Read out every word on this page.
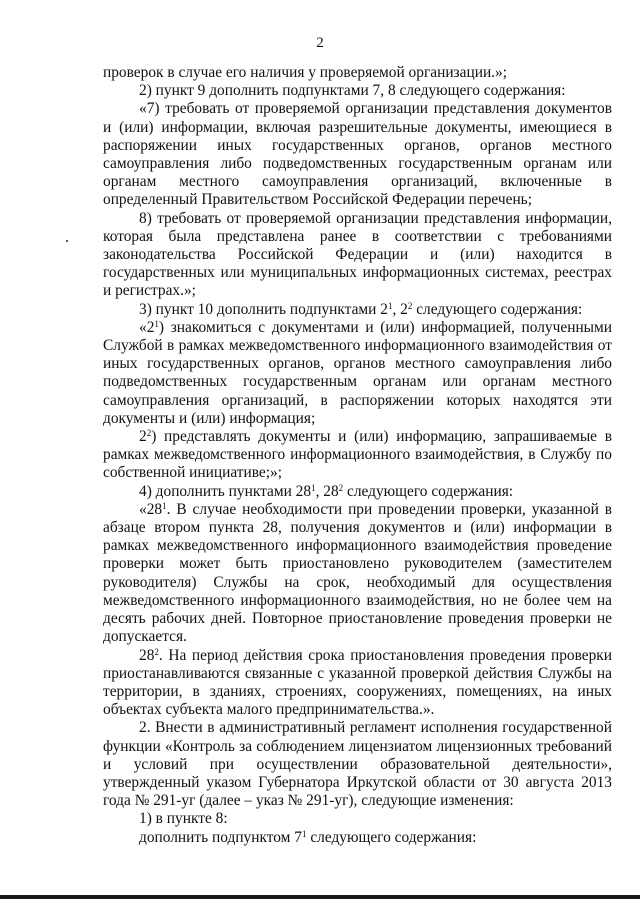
2

проверок в случае его наличия у проверяемой организации.»;

2) пункт 9 дополнить подпунктами 7, 8 следующего содержания:

«7) требовать от проверяемой организации представления документов и (или) информации, включая разрешительные документы, имеющиеся в распоряжении иных государственных органов, органов местного самоуправления либо подведомственных государственным органам или органам местного самоуправления организаций, включенные в определенный Правительством Российской Федерации перечень;

8) требовать от проверяемой организации представления информации, которая была представлена ранее в соответствии с требованиями законодательства Российской Федерации и (или) находится в государственных или муниципальных информационных системах, реестрах и регистрах.»;

3) пункт 10 дополнить подпунктами $2^1$, $2^2$ следующего содержания:

«$2^1$) знакомиться с документами и (или) информацией, полученными Службой в рамках межведомственного информационного взаимодействия от иных государственных органов, органов местного самоуправления либо подведомственных государственным органам или органам местного самоуправления организаций, в распоряжении которых находятся эти документы и (или) информация;

$2^2$) представлять документы и (или) информацию, запрашиваемые в рамках межведомственного информационного взаимодействия, в Службу по собственной инициативе;»;

4) дополнить пунктами $28^1$, $28^2$ следующего содержания:

«$28^1$. В случае необходимости при проведении проверки, указанной в абзаце втором пункта 28, получения документов и (или) информации в рамках межведомственного информационного взаимодействия проведение проверки может быть приостановлено руководителем (заместителем руководителя) Службы на срок, необходимый для осуществления межведомственного информационного взаимодействия, но не более чем на десять рабочих дней. Повторное приостановление проведения проверки не допускается.

$28^2$. На период действия срока приостановления проведения проверки приостанавливаются связанные с указанной проверкой действия Службы на территории, в зданиях, строениях, сооружениях, помещениях, на иных объектах субъекта малого предпринимательства.».

2. Внести в административный регламент исполнения государственной функции «Контроль за соблюдением лицензиатом лицензионных требований и условий при осуществлении образовательной деятельности», утвержденный указом Губернатора Иркутской области от 30 августа 2013 года № 291-уг (далее – указ № 291-уг), следующие изменения:

1) в пункте 8:

дополнить подпунктом $7^1$ следующего содержания:
